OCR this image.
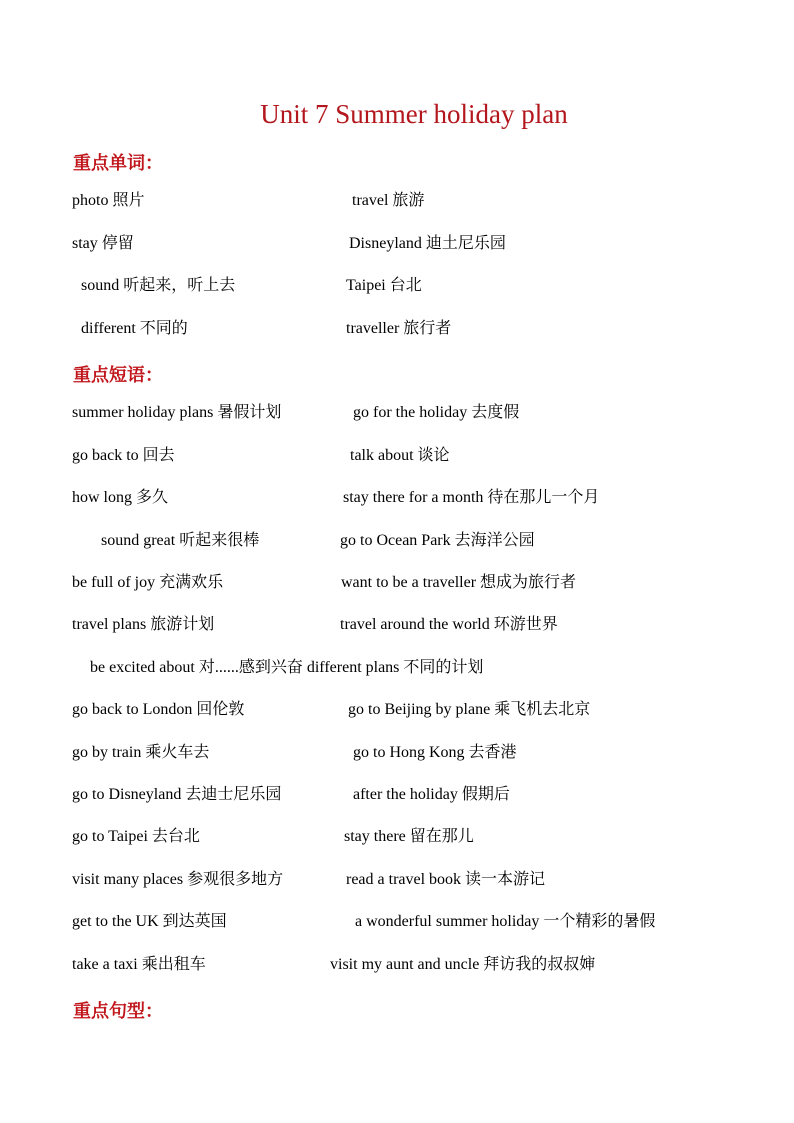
Unit 7 Summer holiday plan
重点单词：
photo 照片	travel 旅游
stay 停留	Disneyland 迪土尼乐园
sound 听起来，听上去	Taipei 台北
different 不同的	traveller 旅行者
重点短语：
summer holiday plans 暑假计划	go for the holiday 去度假
go back to 回去	talk about 谈论
how long 多久	stay there for a month 待在那儿一个月
sound great 听起来很棒	go to Ocean Park 去海洋公园
be full of joy 充满欢乐	want to be a traveller 想成为旅行者
travel plans 旅游计划	travel around the world 环游世界
be excited about 对......感到兴奋 different plans 不同的计划
go back to London 回伦敦	go to Beijing by plane 乘飞机去北京
go by train 乘火车去	go to Hong Kong 去香港
go to Disneyland 去迪士尼乐园	after the holiday 假期后
go to Taipei 去台北	stay there 留在那儿
visit many places 参观很多地方	read a travel book 读一本游记
get to the UK 到达英国	a wonderful summer holiday 一个精彩的暑假
take a taxi 乘出租车	visit my aunt and uncle 拜访我的叔叔婶
重点句型：
